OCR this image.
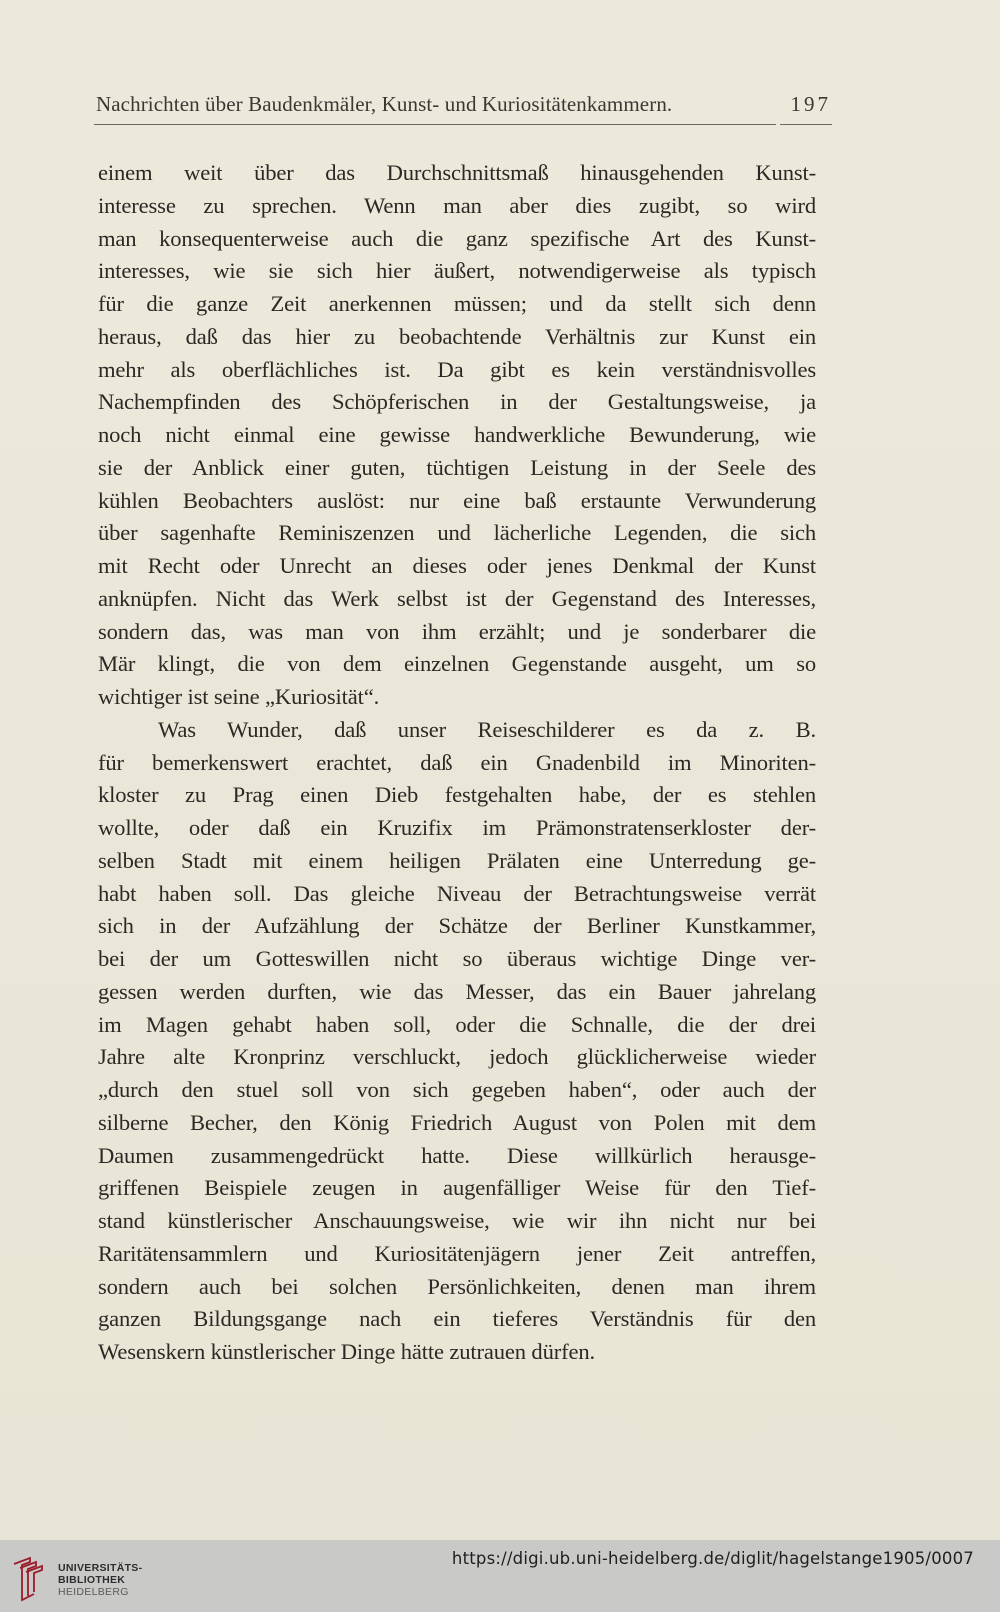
Nachrichten über Baudenkmäler, Kunst- und Kuriositätenkammern.	197
einem weit über das Durchschnittsmaß hinausgehenden Kunst-
interesse zu sprechen. Wenn man aber dies zugibt, so wird
man konsequenterweise auch die ganz spezifische Art des Kunst-
interesses, wie sie sich hier äußert, notwendigerweise als typisch
für die ganze Zeit anerkennen müssen; und da stellt sich denn
heraus, daß das hier zu beobachtende Verhältnis zur Kunst ein
mehr als oberflächliches ist. Da gibt es kein verständnisvolles
Nachempfinden des Schöpferischen in der Gestaltungsweise, ja
noch nicht einmal eine gewisse handwerkliche Bewunderung, wie
sie der Anblick einer guten, tüchtigen Leistung in der Seele des
kühlen Beobachters auslöst: nur eine baß erstaunte Verwunderung
über sagenhafte Reminiszenzen und lächerliche Legenden, die sich
mit Recht oder Unrecht an dieses oder jenes Denkmal der Kunst
anknüpfen. Nicht das Werk selbst ist der Gegenstand des Interesses,
sondern das, was man von ihm erzählt; und je sonderbarer die
Mär klingt, die von dem einzelnen Gegenstande ausgeht, um so
wichtiger ist seine „Kuriosität“.
Was Wunder, daß unser Reiseschilderer es da z. B.
für bemerkenswert erachtet, daß ein Gnadenbild im Minoriten-
kloster zu Prag einen Dieb festgehalten habe, der es stehlen
wollte, oder daß ein Kruzifix im Prämonstratenserkloster der-
selben Stadt mit einem heiligen Prälaten eine Unterredung ge-
habt haben soll. Das gleiche Niveau der Betrachtungsweise verrät
sich in der Aufzählung der Schätze der Berliner Kunstkammer,
bei der um Gotteswillen nicht so überaus wichtige Dinge ver-
gessen werden durften, wie das Messer, das ein Bauer jahrelang
im Magen gehabt haben soll, oder die Schnalle, die der drei
Jahre alte Kronprinz verschluckt, jedoch glücklicherweise wieder
„durch den stuel soll von sich gegeben haben“, oder auch der
silberne Becher, den König Friedrich August von Polen mit dem
Daumen zusammengedrückt hatte. Diese willkürlich herausge-
griffenen Beispiele zeugen in augenfälliger Weise für den Tief-
stand künstlerischer Anschauungsweise, wie wir ihn nicht nur bei
Raritätensammlern und Kuriositätenjägern jener Zeit antreffen,
sondern auch bei solchen Persönlichkeiten, denen man ihrem
ganzen Bildungsgange nach ein tieferes Verständnis für den
Wesenskern künstlerischer Dinge hätte zutrauen dürfen.
UNIVERSITÄTS-
BIBLIOTHEK
HEIDELBERG
https://digi.ub.uni-heidelberg.de/diglit/hagelstange1905/0007
